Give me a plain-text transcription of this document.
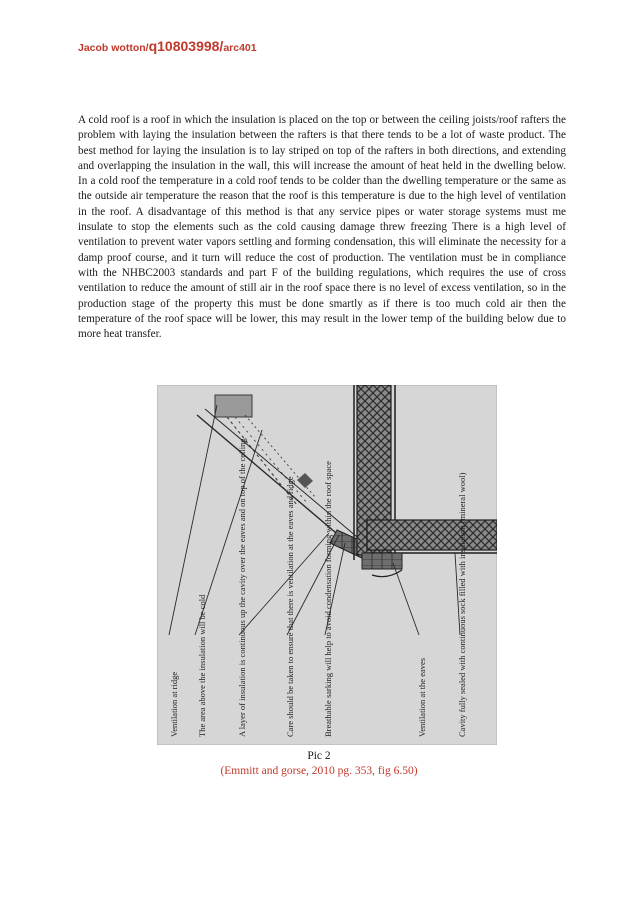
Jacob wotton/q10803998/arc401

A cold roof is a roof in which the insulation is placed on the top or between the ceiling joists/roof rafters the problem with laying the insulation between the rafters is that there tends to be a lot of waste product. The best method for laying the insulation is to lay striped on top of the rafters in both directions, and extending and overlapping the insulation in the wall, this will increase the amount of heat held in the dwelling below. In a cold roof the temperature in a cold roof tends to be colder than the dwelling temperature or the same as the outside air temperature the reason that the roof is this temperature is due to the high level of ventilation in the roof. A disadvantage of this method is that any service pipes or water storage systems must me insulate to stop the elements such as the cold causing damage threw freezing There is a high level of ventilation to prevent water vapors settling and forming condensation, this will eliminate the necessity for a damp proof course, and it turn will reduce the cost of production. The ventilation must be in compliance with the NHBC2003 standards and part F of the building regulations, which requires the use of cross ventilation to reduce the amount of still air in the roof space there is no level of excess ventilation, so in the production stage of the property this must be done smartly as if there is too much cold air then the temperature of the roof space will be lower, this may result in the lower temp of the building below due to more heat transfer.

Ventilation at ridge The area above the insulation will be cold	A layer of insulation is continuous up the cavity over the eaves and on top of the ceiling	Care should be taken to ensure that there is ventilation at the eaves and ridge	Breathable sarking will help to avoid condensation forming within the roof space	Ventilation at the eaves	Cavity fully sealed with continuous sock filled with insulation (mineral wool)
Pic 2
(Emmitt and gorse, 2010 pg. 353, fig 6.50)
